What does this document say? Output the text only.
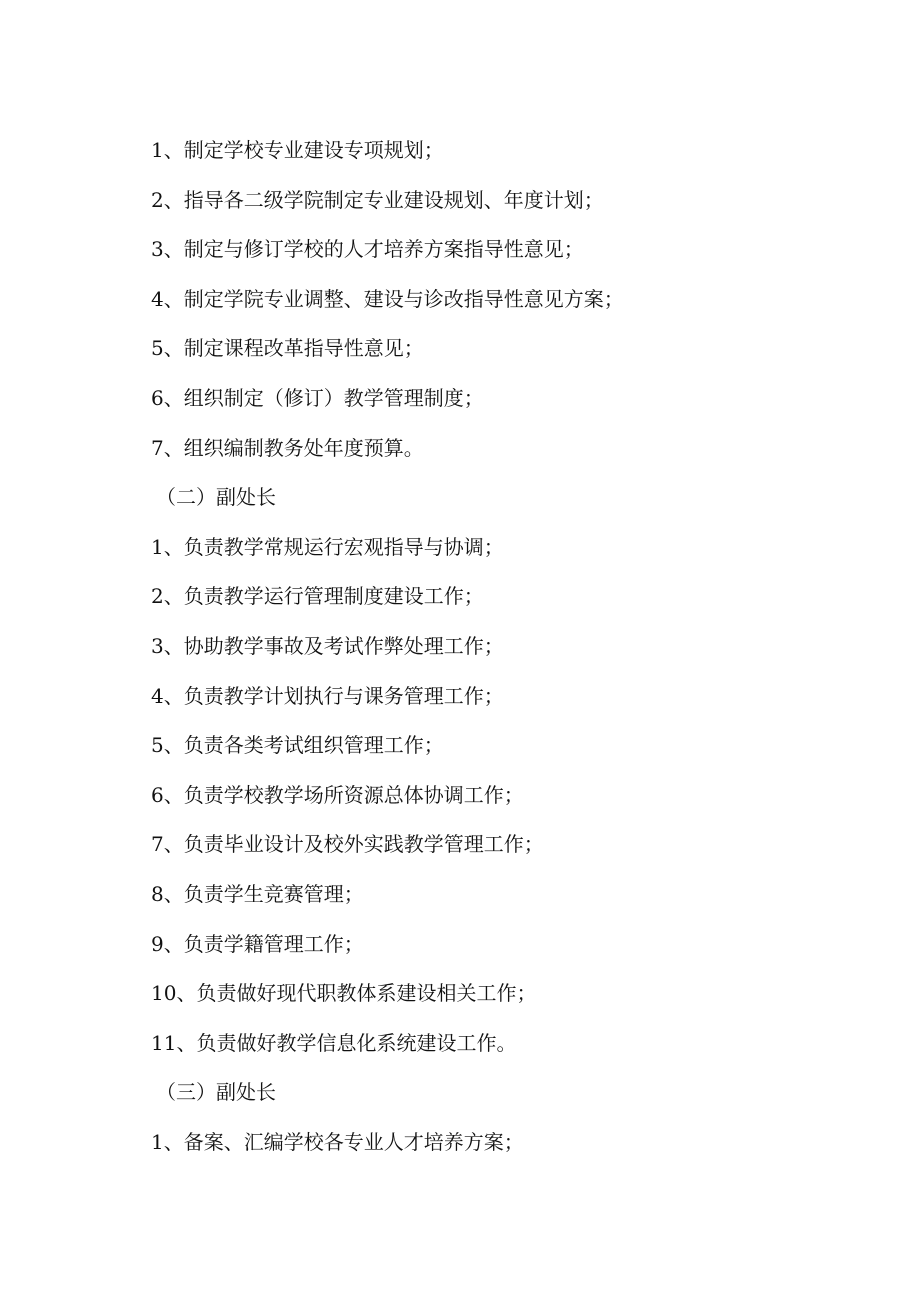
1、制定学校专业建设专项规划；
2、指导各二级学院制定专业建设规划、年度计划；
3、制定与修订学校的人才培养方案指导性意见；
4、制定学院专业调整、建设与诊改指导性意见方案；
5、制定课程改革指导性意见；
6、组织制定（修订）教学管理制度；
7、组织编制教务处年度预算。
（二）副处长
1、负责教学常规运行宏观指导与协调；
2、负责教学运行管理制度建设工作；
3、协助教学事故及考试作弊处理工作；
4、负责教学计划执行与课务管理工作；
5、负责各类考试组织管理工作；
6、负责学校教学场所资源总体协调工作；
7、负责毕业设计及校外实践教学管理工作；
8、负责学生竞赛管理；
9、负责学籍管理工作；
10、负责做好现代职教体系建设相关工作；
11、负责做好教学信息化系统建设工作。
（三）副处长
1、备案、汇编学校各专业人才培养方案；
